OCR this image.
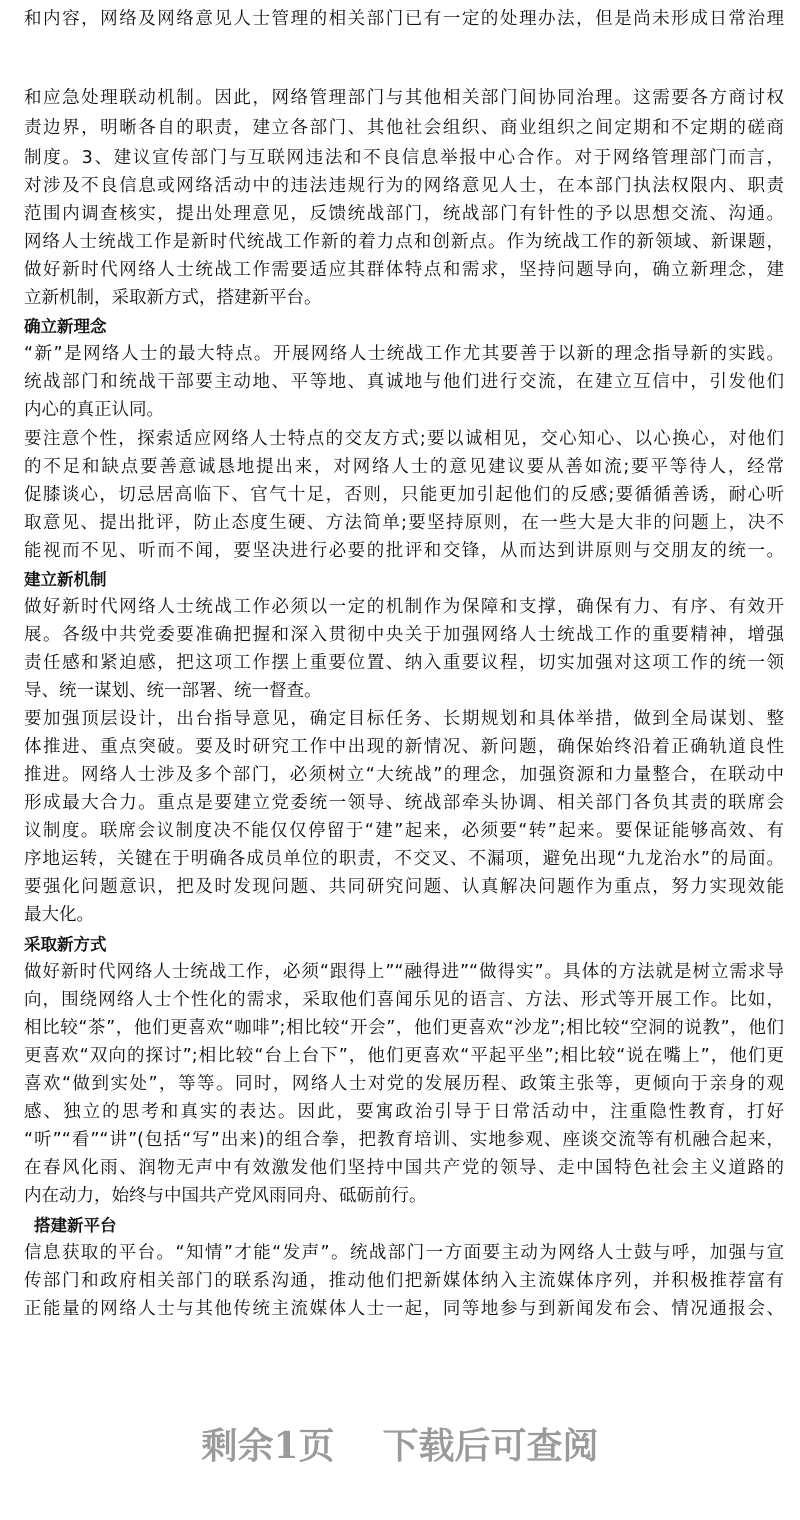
和内容，网络及网络意见人士管理的相关部门已有一定的处理办法，但是尚未形成日常治理
和应急处理联动机制。因此，网络管理部门与其他相关部门间协同治理。这需要各方商讨权
责边界，明晰各自的职责，建立各部门、其他社会组织、商业组织之间定期和不定期的磋商
制度。3、建议宣传部门与互联网违法和不良信息举报中心合作。对于网络管理部门而言，
对涉及不良信息或网络活动中的违法违规行为的网络意见人士，在本部门执法权限内、职责
范围内调查核实，提出处理意见，反馈统战部门，统战部门有针性的予以思想交流、沟通。
网络人士统战工作是新时代统战工作新的着力点和创新点。作为统战工作的新领域、新课题，
做好新时代网络人士统战工作需要适应其群体特点和需求，坚持问题导向，确立新理念，建
立新机制，采取新方式，搭建新平台。
确立新理念
“新”是网络人士的最大特点。开展网络人士统战工作尤其要善于以新的理念指导新的实践。
统战部门和统战干部要主动地、平等地、真诚地与他们进行交流，在建立互信中，引发他们
内心的真正认同。
要注意个性，探索适应网络人士特点的交友方式;要以诚相见，交心知心、以心换心，对他们
的不足和缺点要善意诚恳地提出来，对网络人士的意见建议要从善如流;要平等待人，经常
促膝谈心，切忌居高临下、官气十足，否则，只能更加引起他们的反感;要循循善诱，耐心听
取意见、提出批评，防止态度生硬、方法简单;要坚持原则，在一些大是大非的问题上，决不
能视而不见、听而不闻，要坚决进行必要的批评和交锋，从而达到讲原则与交朋友的统一。
建立新机制
做好新时代网络人士统战工作必须以一定的机制作为保障和支撑，确保有力、有序、有效开
展。各级中共党委要准确把握和深入贯彻中央关于加强网络人士统战工作的重要精神，增强
责任感和紧迫感，把这项工作摆上重要位置、纳入重要议程，切实加强对这项工作的统一领
导、统一谋划、统一部署、统一督查。
要加强顶层设计，出台指导意见，确定目标任务、长期规划和具体举措，做到全局谋划、整
体推进、重点突破。要及时研究工作中出现的新情况、新问题，确保始终沿着正确轨道良性
推进。网络人士涉及多个部门，必须树立“大统战”的理念，加强资源和力量整合，在联动中
形成最大合力。重点是要建立党委统一领导、统战部牵头协调、相关部门各负其责的联席会
议制度。联席会议制度决不能仅仅停留于“建”起来，必须要“转”起来。要保证能够高效、有
序地运转，关键在于明确各成员单位的职责，不交叉、不漏项，避免出现“九龙治水”的局面。
要强化问题意识，把及时发现问题、共同研究问题、认真解决问题作为重点，努力实现效能
最大化。
采取新方式
做好新时代网络人士统战工作，必须“跟得上”“融得进”“做得实”。具体的方法就是树立需求导
向，围绕网络人士个性化的需求，采取他们喜闻乐见的语言、方法、形式等开展工作。比如，
相比较“茶”，他们更喜欢“咖啡”;相比较“开会”，他们更喜欢“沙龙”;相比较“空洞的说教”，他们
更喜欢“双向的探讨”;相比较“台上台下”，他们更喜欢“平起平坐”;相比较“说在嘴上”，他们更
喜欢“做到实处”，等等。同时，网络人士对党的发展历程、政策主张等，更倾向于亲身的观
感、独立的思考和真实的表达。因此，要寓政治引导于日常活动中，注重隐性教育，打好
“听”“看”“讲”(包括“写”出来)的组合拳，把教育培训、实地参观、座谈交流等有机融合起来，
在春风化雨、润物无声中有效激发他们坚持中国共产党的领导、走中国特色社会主义道路的
内在动力，始终与中国共产党风雨同舟、砥砺前行。
搭建新平台
信息获取的平台。“知情”才能“发声”。统战部门一方面要主动为网络人士鼓与呼，加强与宣
传部门和政府相关部门的联系沟通，推动他们把新媒体纳入主流媒体序列，并积极推荐富有
正能量的网络人士与其他传统主流媒体人士一起，同等地参与到新闻发布会、情况通报会、
剩余1页 下载后可查阅
